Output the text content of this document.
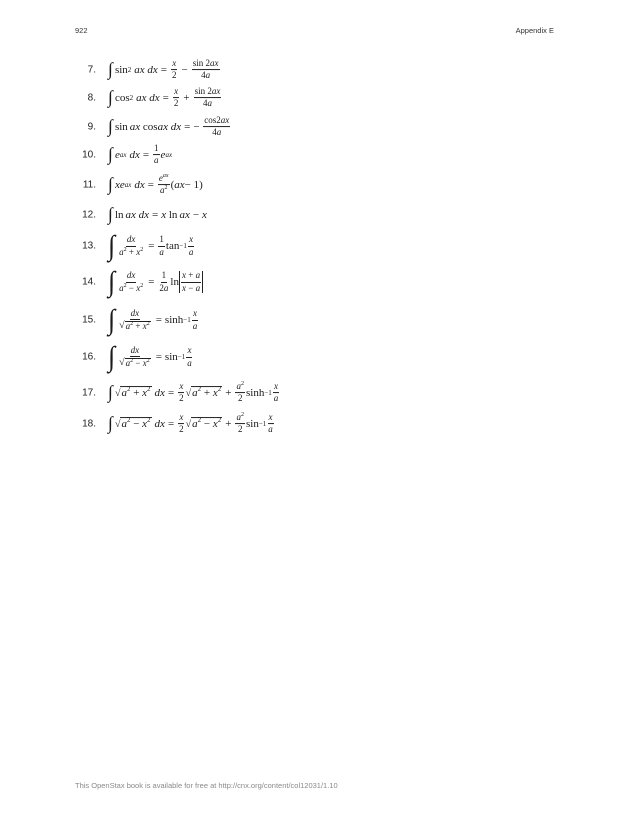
922	Appendix E
7. ∫ sin 2 ax dx = $\frac{x}{2} - \frac{\sin 2ax}{4a}$
8. ∫ cos 2 ax dx = $\frac{x}{2} + \frac{\sin 2ax}{4a}$
9. ∫ sin ax cos ax dx = − $\frac{\cos 2ax}{4a}$
10. ∫ e ax dx = $\frac{1}{a}$ e ax
11. ∫ xe ax dx = $\frac{e^{ax}}{a^2}$ ( ax − 1)
12. ∫ ln ax dx = x ln ax − x
13. ∫ $\frac{dx}{a^2 + x^2} = \frac{1}{a}$ $\tan -1 \frac{x}{a}$
14. ∫ $\frac{dx}{a^2 - x^2} = \frac{1}{2a}$ $\ln \frac{x + a}{x - a}$
15. ∫ $\frac{dx}{√ a^2 + x^2} = \sinh -1 \frac{x}{a}$
16. ∫ $\frac{dx}{√ a^2 - x^2} = \sin -1 \frac{x}{a}$
17. ∫ √ $a^2 + x^2$ dx = $\frac{x}{2}$ √ $a^2 + x^2 + \frac{a^2}{2}$ $\sinh -1 \frac{x}{a}$
18. ∫ √ $a^2 - x^2$ dx = $\frac{x}{2}$ √ $a^2 - x^2 + \frac{a^2}{2}$ $\sin -1 \frac{x}{a}$
This OpenStax book is available for free at http://cnx.org/content/col12031/1.10
